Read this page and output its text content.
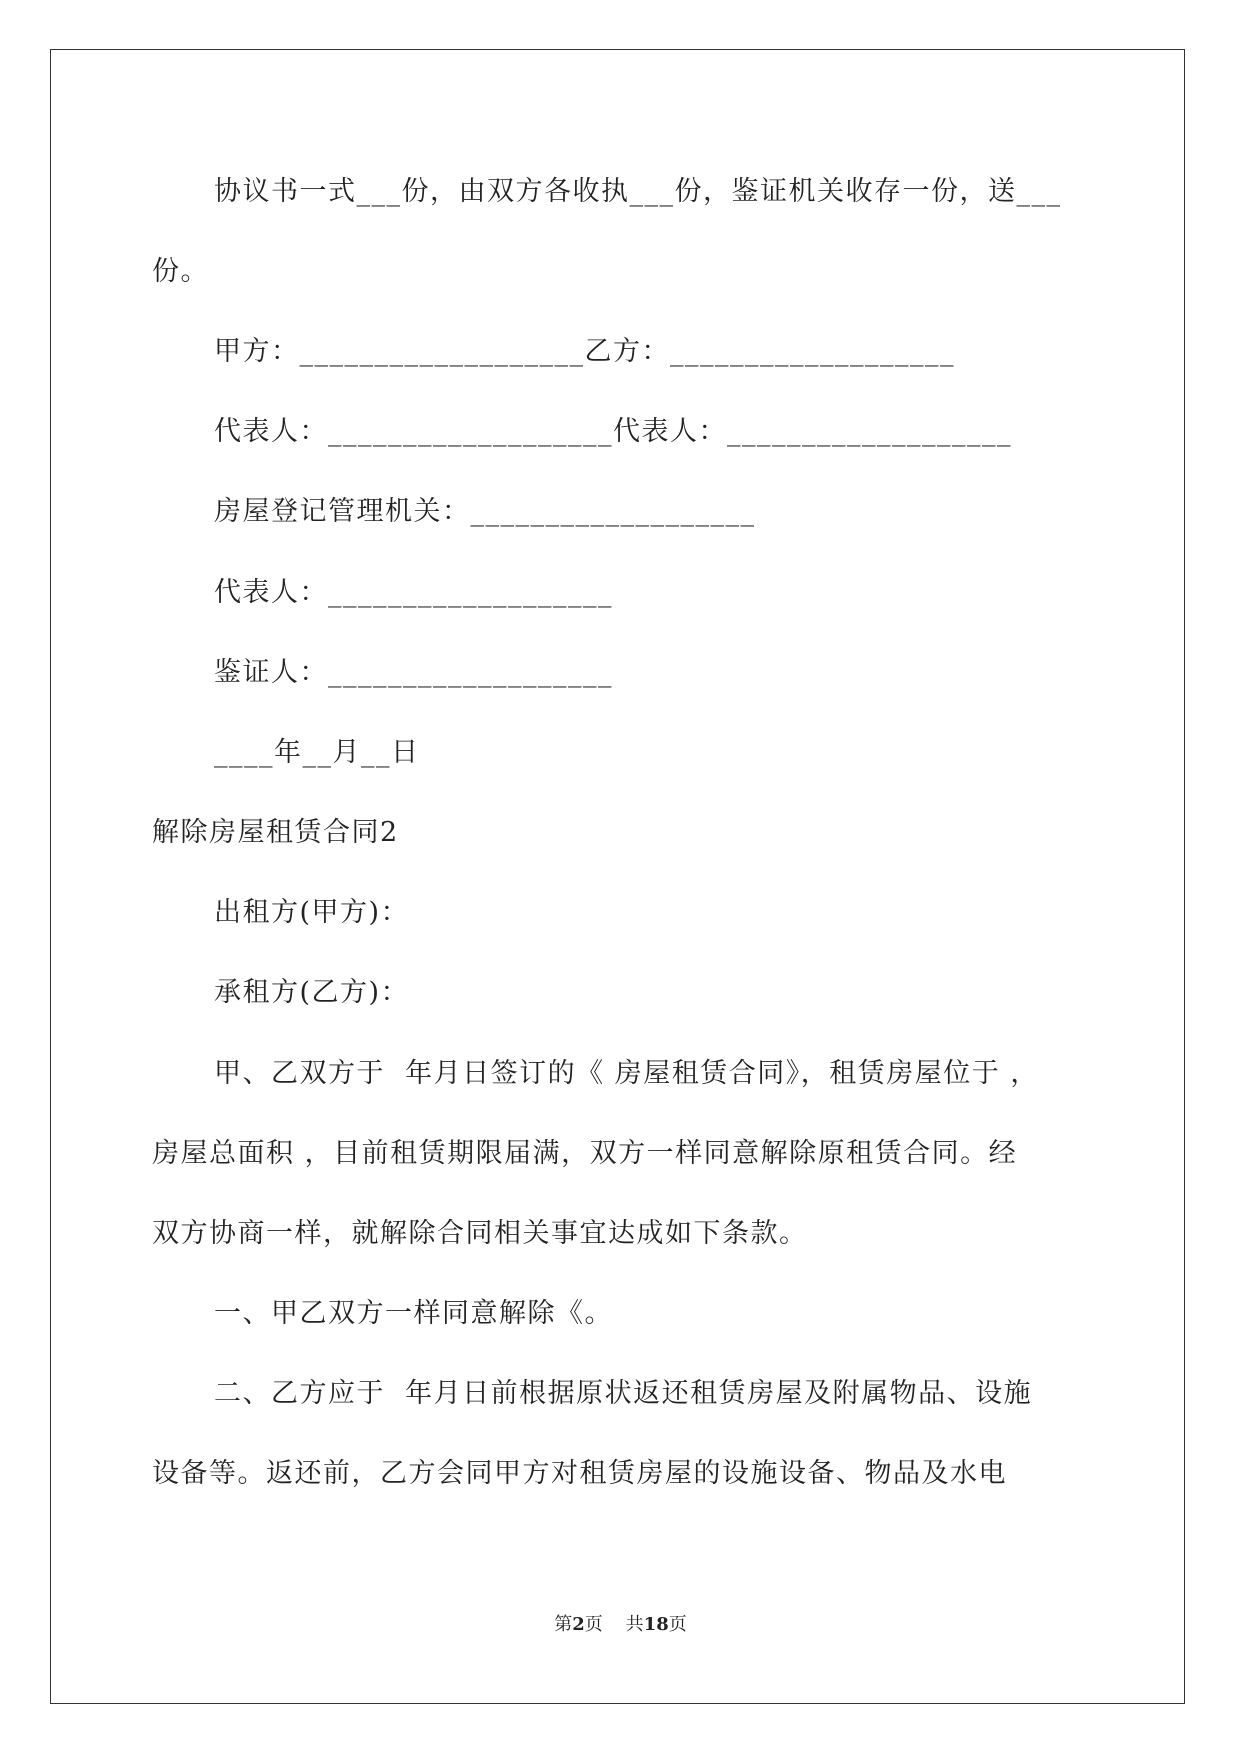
协议书一式___份，由双方各收执___份，鉴证机关收存一份，送___
份。
甲方：___________________乙方：___________________
代表人：___________________代表人：___________________
房屋登记管理机关：___________________
代表人：___________________
鉴证人：___________________
____年__月__日
解除房屋租赁合同2
出租方(甲方)：
承租方(乙方)：
甲、乙双方于  年月日签订的《 房屋租赁合同》，租赁房屋位于 ，
房屋总面积 ，目前租赁期限届满，双方一样同意解除原租赁合同。经
双方协商一样，就解除合同相关事宜达成如下条款。
一、甲乙双方一样同意解除《。
二、乙方应于  年月日前根据原状返还租赁房屋及附属物品、设施
设备等。返还前，乙方会同甲方对租赁房屋的设施设备、物品及水电
第2页 共18页
